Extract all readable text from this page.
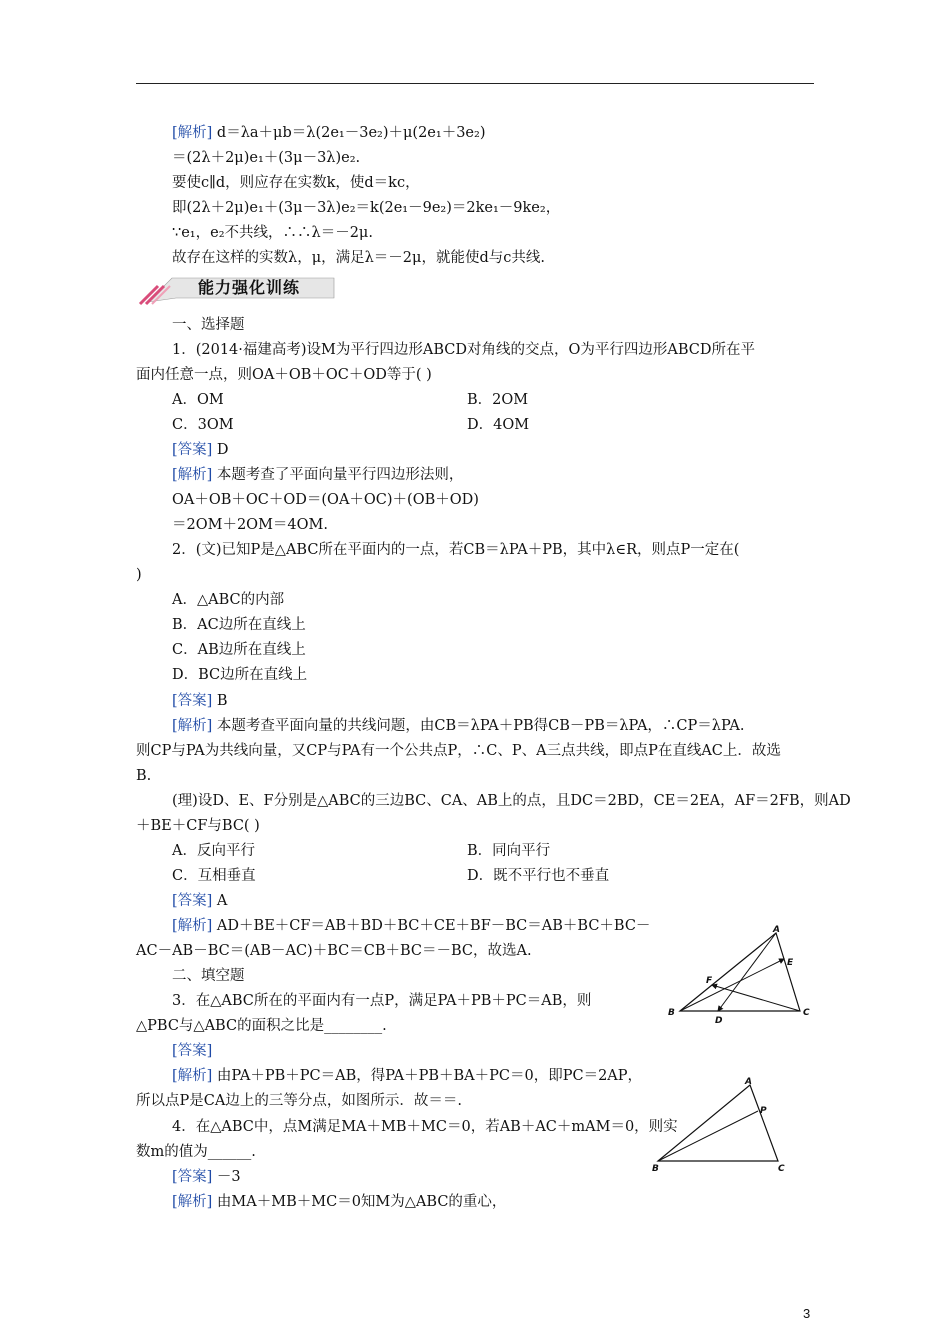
[解析] d＝λa＋μb＝λ(2e₁－3e₂)＋μ(2e₁＋3e₂)
＝(2λ＋2μ)e₁＋(3μ－3λ)e₂.
要使c∥d，则应存在实数k，使d＝kc，
即(2λ＋2μ)e₁＋(3μ－3λ)e₂＝k(2e₁－9e₂)＝2ke₁－9ke₂，
∵e₁，e₂不共线，∴∴λ＝－2μ.
故存在这样的实数λ，μ，满足λ＝－2μ，就能使d与c共线.
一、选择题
1．(2014·福建高考)设M为平行四边形ABCD对角线的交点，O为平行四边形ABCD所在平
面内任意一点，则OA＋OB＋OC＋OD等于( )
A．OM	B．2OM
C．3OM	D．4OM
[答案] D
[解析] 本题考查了平面向量平行四边形法则，
OA＋OB＋OC＋OD＝(OA＋OC)＋(OB＋OD)
＝2OM＋2OM＝4OM.
2．(文)已知P是△ABC所在平面内的一点，若CB＝λPA＋PB，其中λ∈R，则点P一定在(
)
A．△ABC的内部
B．AC边所在直线上
C．AB边所在直线上
D．BC边所在直线上
[答案] B
[解析] 本题考查平面向量的共线问题，由CB＝λPA＋PB得CB－PB＝λPA，∴CP＝λPA.
则CP与PA为共线向量，又CP与PA有一个公共点P，∴C、P、A三点共线，即点P在直线AC上．故选
B.
(理)设D、E、F分别是△ABC的三边BC、CA、AB上的点，且DC＝2BD，CE＝2EA，AF＝2FB，则AD
＋BE＋CF与BC( )
A．反向平行	B．同向平行
C．互相垂直	D．既不平行也不垂直
[答案] A
[解析] AD＋BE＋CF＝AB＋BD＋BC＋CE＋BF－BC＝AB＋BC＋BC－
AC－AB－BC＝(AB－AC)＋BC＝CB＋BC＝－BC，故选A.
二、填空题
3．在△ABC所在的平面内有一点P，满足PA＋PB＋PC＝AB，则
△PBC与△ABC的面积之比是________.
[答案]
[解析] 由PA＋PB＋PC＝AB，得PA＋PB＋BA＋PC＝0，即PC＝2AP，
所以点P是CA边上的三等分点，如图所示．故＝＝.
4．在△ABC中，点M满足MA＋MB＋MC＝0，若AB＋AC＋mAM＝0，则实
数m的值为______.
[答案] －3
[解析] 由MA＋MB＋MC＝0知M为△ABC的重心，
能力强化训练
A
B	C
D
E
F
A
B	C
P
3
